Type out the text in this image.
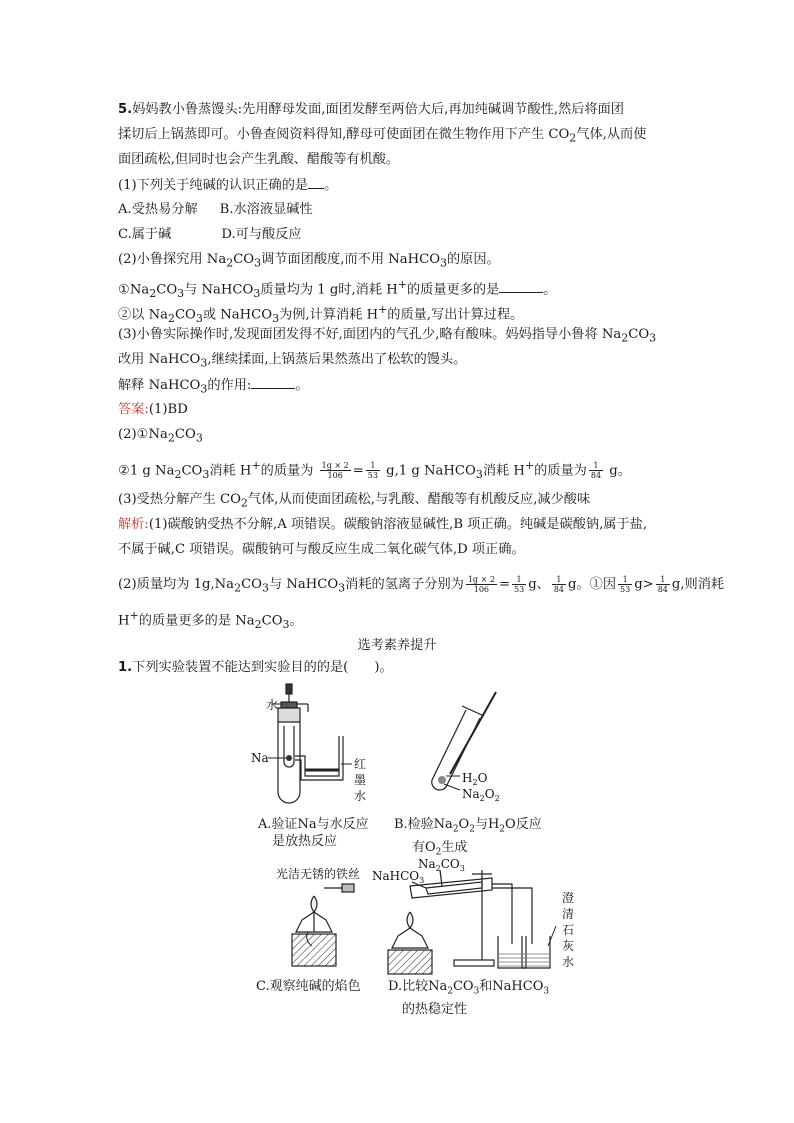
5.妈妈教小鲁蒸馒头:先用酵母发面,面团发酵至两倍大后,再加纯碱调节酸性,然后将面团
揉切后上锅蒸即可。小鲁查阅资料得知,酵母可使面团在微生物作用下产生 $CO_2$气体,从而使
面团疏松,但同时也会产生乳酸、醋酸等有机酸。
(1)下列关于纯碱的认识正确的是 。
A.受热易分解 B.水溶液显碱性
C.属于碱	D.可与酸反应
(2)小鲁探究用 $Na_2CO_3$调节面团酸度,而不用 NaHCO$_3$的原因。
$①Na_2CO_3$与 NaHCO$_3$质量均为 1 g时,消耗 H+的质量更多的是	。
②以 $Na_2CO_3$或 NaHCO$_3$为例,计算消耗 H+的质量,写出计算过程。
(3)小鲁实际操作时,发现面团发得不好,面团内的气孔少,略有酸味。妈妈指导小鲁将 $Na_2CO_3$
改用 NaHCO$_3$,继续揉面,上锅蒸后果然蒸出了松软的馒头。
解释 NaHCO$_3$的作用:	。
答案:(1)BD
$(2)①Na_2CO_3$
②1 g $Na_2CO_3$消耗 H+的质量为 $\frac{1g \times 2}{106} = \frac{1}{53} g,1$ g NaHCO$_3$消耗 H+的质量为 $\frac{1}{84}$ g。
(3)受热分解产生 $CO_2$气体,从而使面团疏松,与乳酸、醋酸等有机酸反应,减少酸味
解析:(1)碳酸钠受热不分解,A 项错误。碳酸钠溶液显碱性,B 项正确。纯碱是碳酸钠,属于盐,
不属于碱,C 项错误。碳酸钠可与酸反应生成二氧化碳气体,D 项正确。
(2)质量均为 $1g,Na_2CO_3$与 NaHCO$_3$消耗的氢离子分别为 $\frac{1g \times 2}{106} = \frac{1}{53}$ g、 $\frac{1}{84}$ g。①因 $\frac{1}{53} g> \frac{1}{84} g$,则消耗
H+的质量更多的是 $Na_2CO_3$。
选考素养提升
1.下列实验装置不能达到实验目的的是( )。
水
Na	红
墨
水
A.验证Na与水反应
是放热反应
$H_2O$
$Na_2O_2$
B.检验$Na_2O_2$与$H_2O$反应
有$O_2$生成
光洁无锈的铁丝
C.观察纯碱的焰色
NaHCO$_3$
$Na_2CO_3$
澄
清
石
灰
水
D.比较$Na_2CO_3$和NaHCO$_3$
的热稳定性
